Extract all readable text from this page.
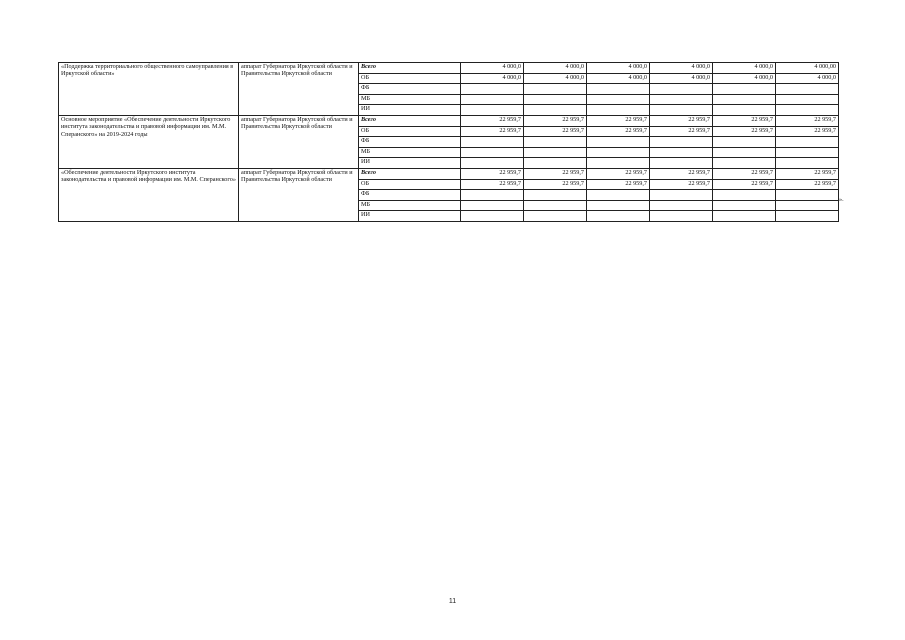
«Поддержка территориального общественного самоуправления в Иркутской области»	аппарат Губернатора Иркутской области и Правительства Иркутской области	Всего	4 000,0	4 000,0	4 000,0	4 000,0	4 000,0	4 000,00
		ОБ	4 000,0	4 000,0	4 000,0	4 000,0	4 000,0	4 000,0
		ФБ						
		МБ						
		ИИ						
Основное мероприятие «Обеспечение деятельности Иркутского института законодательства и правовой информации им. М.М. Сперанского» на 2019-2024 годы	аппарат Губернатора Иркутской области и Правительства Иркутской области	Всего	22 959,7	22 959,7	22 959,7	22 959,7	22 959,7	22 959,7
		ОБ	22 959,7	22 959,7	22 959,7	22 959,7	22 959,7	22 959,7
		ФБ						
		МБ						
		ИИ						
«Обеспечение деятельности Иркутского института законодательства и правовой информации им. М.М. Сперанского»	аппарат Губернатора Иркутской области и Правительства Иркутской области	Всего	22 959,7	22 959,7	22 959,7	22 959,7	22 959,7	22 959,7
		ОБ	22 959,7	22 959,7	22 959,7	22 959,7	22 959,7	22 959,7
		ФБ						
		МБ						
		ИИ						
».
11
